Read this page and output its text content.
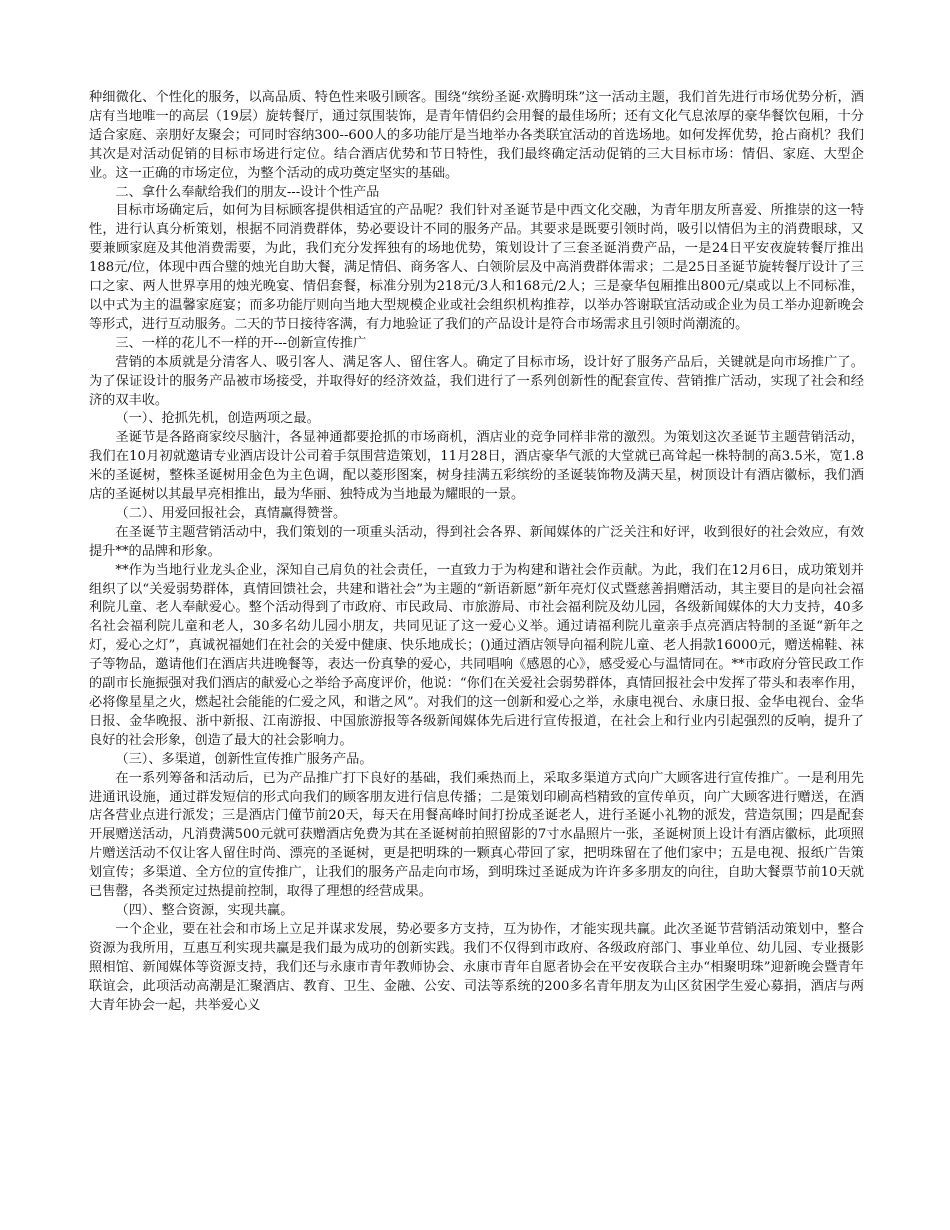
种细微化、个性化的服务，以高品质、特色性来吸引顾客。围绕“缤纷圣诞·欢腾明珠”这一活动主题，我们首先进行市场优势分析，酒店有当地唯一的高层（19层）旋转餐厅，通过氛围装饰，是青年情侣约会用餐的最佳场所；还有文化气息浓厚的豪华餐饮包厢，十分适合家庭、亲朋好友聚会；可同时容纳300--600人的多功能厅是当地举办各类联宜活动的首选场地。如何发挥优势，抢占商机？我们其次是对活动促销的目标市场进行定位。结合酒店优势和节日特性，我们最终确定活动促销的三大目标市场：情侣、家庭、大型企业。这一正确的市场定位，为整个活动的成功奠定坚实的基础。

二、拿什么奉献给我们的朋友---设计个性产品

目标市场确定后，如何为目标顾客提供相适宜的产品呢？我们针对圣诞节是中西文化交融，为青年朋友所喜爱、所推崇的这一特性，进行认真分析策划，根据不同消费群体，势必要设计不同的服务产品。其要求是既要引领时尚，吸引以情侣为主的消费眼球，又要兼顾家庭及其他消费需要，为此，我们充分发挥独有的场地优势，策划设计了三套圣诞消费产品，一是24日平安夜旋转餐厅推出188元/位，体现中西合璧的烛光自助大餐，满足情侣、商务客人、白领阶层及中高消费群体需求；二是25日圣诞节旋转餐厅设计了三口之家、两人世界享用的烛光晚宴、情侣套餐，标准分别为218元/3人和168元/2人；三是豪华包厢推出800元/桌或以上不同标准，以中式为主的温馨家庭宴；而多功能厅则向当地大型规模企业或社会组织机构推荐，以举办答谢联宜活动或企业为员工举办迎新晚会等形式，进行互动服务。二天的节日接待客满，有力地验证了我们的产品设计是符合市场需求且引领时尚潮流的。

三、一样的花儿不一样的开---创新宣传推广

营销的本质就是分清客人、吸引客人、满足客人、留住客人。确定了目标市场，设计好了服务产品后，关键就是向市场推广了。为了保证设计的服务产品被市场接受，并取得好的经济效益，我们进行了一系列创新性的配套宣传、营销推广活动，实现了社会和经济的双丰收。

（一）、抢抓先机，创造两项之最。

圣诞节是各路商家绞尽脑汁，各显神通都要抢抓的市场商机，酒店业的竞争同样非常的激烈。为策划这次圣诞节主题营销活动，我们在10月初就邀请专业酒店设计公司着手氛围营造策划，11月28日，酒店豪华气派的大堂就已高耸起一株特制的高3.5米，宽1.8米的圣诞树，整株圣诞树用金色为主色调，配以菱形图案，树身挂满五彩缤纷的圣诞装饰物及满天星，树顶设计有酒店徽标，我们酒店的圣诞树以其最早亮相推出，最为华丽、独特成为当地最为耀眼的一景。

（二）、用爱回报社会，真情赢得赞誉。

在圣诞节主题营销活动中，我们策划的一项重头活动，得到社会各界、新闻媒体的广泛关注和好评，收到很好的社会效应，有效提升**的品牌和形象。

**作为当地行业龙头企业，深知自己肩负的社会责任，一直致力于为构建和谐社会作贡献。为此，我们在12月6日，成功策划并组织了以“关爱弱势群体，真情回馈社会，共建和谐社会”为主题的“新语新愿”新年亮灯仪式暨慈善捐赠活动，其主要目的是向社会福利院儿童、老人奉献爱心。整个活动得到了市政府、市民政局、市旅游局、市社会福利院及幼儿园，各级新闻媒体的大力支持，40多名社会福利院儿童和老人，30多名幼儿园小朋友，共同见证了这一爱心义举。通过请福利院儿童亲手点亮酒店特制的圣诞“新年之灯，爱心之灯”，真诚祝福她们在社会的关爱中健康、快乐地成长；()通过酒店领导向福利院儿童、老人捐款16000元，赠送棉鞋、袜子等物品，邀请他们在酒店共进晚餐等，表达一份真挚的爱心，共同唱响《感恩的心》，感受爱心与温情同在。**市政府分管民政工作的副市长施振强对我们酒店的献爱心之举给予高度评价，他说：“你们在关爱社会弱势群体，真情回报社会中发挥了带头和表率作用，必将像星星之火，燃起社会能能的仁爱之风，和谐之风”。对我们的这一创新和爱心之举，永康电视台、永康日报、金华电视台、金华日报、金华晚报、浙中新报、江南游报、中国旅游报等各级新闻媒体先后进行宣传报道，在社会上和行业内引起强烈的反响，提升了良好的社会形象，创造了最大的社会影响力。

（三）、多渠道，创新性宣传推广服务产品。

在一系列筹备和活动后，已为产品推广打下良好的基础，我们乘热而上，采取多渠道方式向广大顾客进行宣传推广。一是利用先进通讯设施，通过群发短信的形式向我们的顾客朋友进行信息传播；二是策划印刷高档精致的宣传单页，向广大顾客进行赠送，在酒店各营业点进行派发；三是酒店门僮节前20天，每天在用餐高峰时间打扮成圣诞老人，进行圣诞小礼物的派发，营造氛围；四是配套开展赠送活动，凡消费满500元就可获赠酒店免费为其在圣诞树前拍照留影的7寸水晶照片一张，圣诞树顶上设计有酒店徽标，此项照片赠送活动不仅让客人留住时尚、漂亮的圣诞树，更是把明珠的一颗真心带回了家，把明珠留在了他们家中；五是电视、报纸广告策划宣传；多渠道、全方位的宣传推广，让我们的服务产品走向市场，到明珠过圣诞成为许许多多朋友的向往，自助大餐票节前10天就已售罄，各类预定过热提前控制，取得了理想的经营成果。

（四）、整合资源，实现共赢。

一个企业，要在社会和市场上立足并谋求发展，势必要多方支持，互为协作，才能实现共赢。此次圣诞节营销活动策划中，整合资源为我所用，互惠互利实现共赢是我们最为成功的创新实践。我们不仅得到市政府、各级政府部门、事业单位、幼儿园、专业摄影照相馆、新闻媒体等资源支持，我们还与永康市青年教师协会、永康市青年自愿者协会在平安夜联合主办“相聚明珠”迎新晚会暨青年联谊会，此项活动高潮是汇聚酒店、教育、卫生、金融、公安、司法等系统的200多名青年朋友为山区贫困学生爱心募捐，酒店与两大青年协会一起，共举爱心义
